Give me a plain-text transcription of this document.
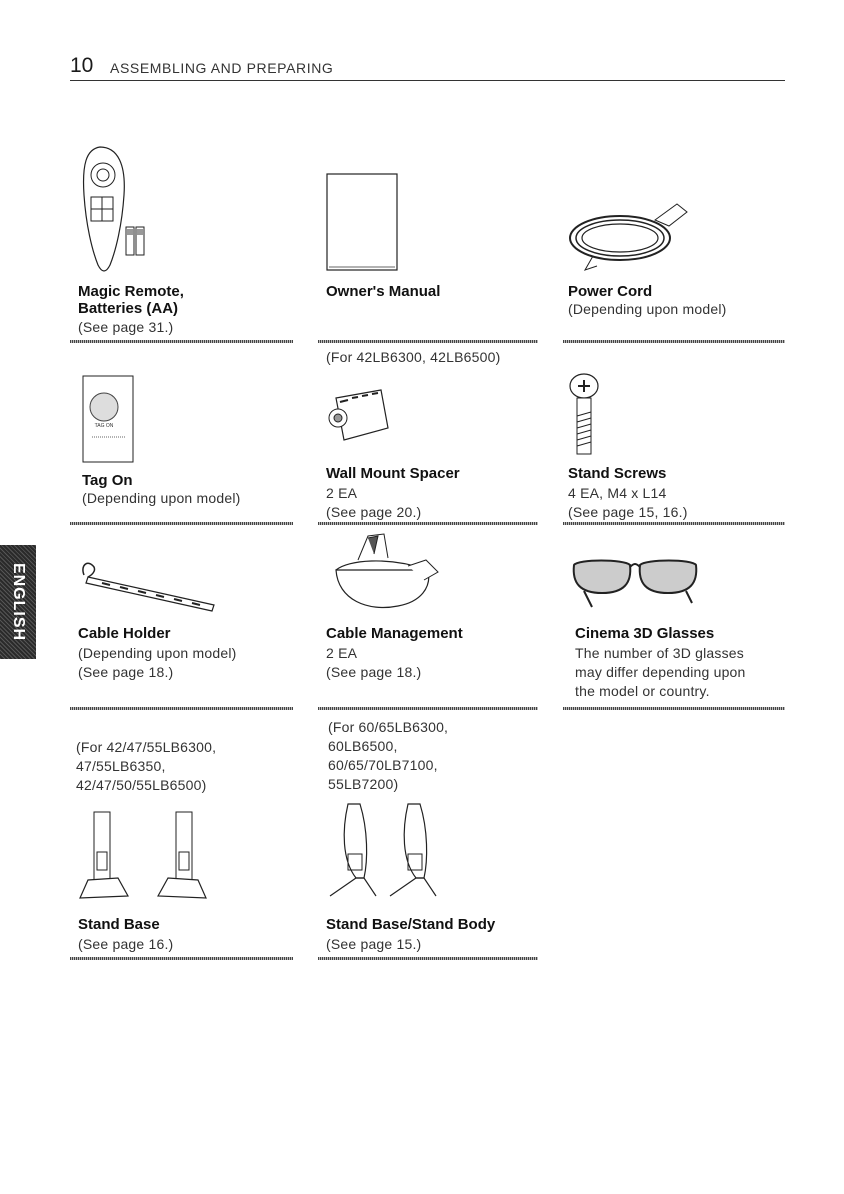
10 ASSEMBLING AND PREPARING
ENGLISH
Magic Remote,
Batteries (AA)
(See page 31.)
Owner's Manual	Power Cord
(Depending upon model)
(For 42LB6300, 42LB6500)
TAG ON
Tag On
(Depending upon model)
Wall Mount Spacer
2 EA
(See page 20.)
Stand Screws
4 EA, M4 x L14
(See page 15, 16.)
Cable Holder
(Depending upon model)
(See page 18.)
Cable Management
2 EA
(See page 18.)
Cinema 3D Glasses
The number of 3D glasses
may differ depending upon
the model or country.
(For 42/47/55LB6300,
47/55LB6350,
42/47/50/55LB6500)
(For 60/65LB6300,
60LB6500,
60/65/70LB7100,
55LB7200)
Stand Base
(See page 16.)
Stand Base/Stand Body
(See page 15.)
